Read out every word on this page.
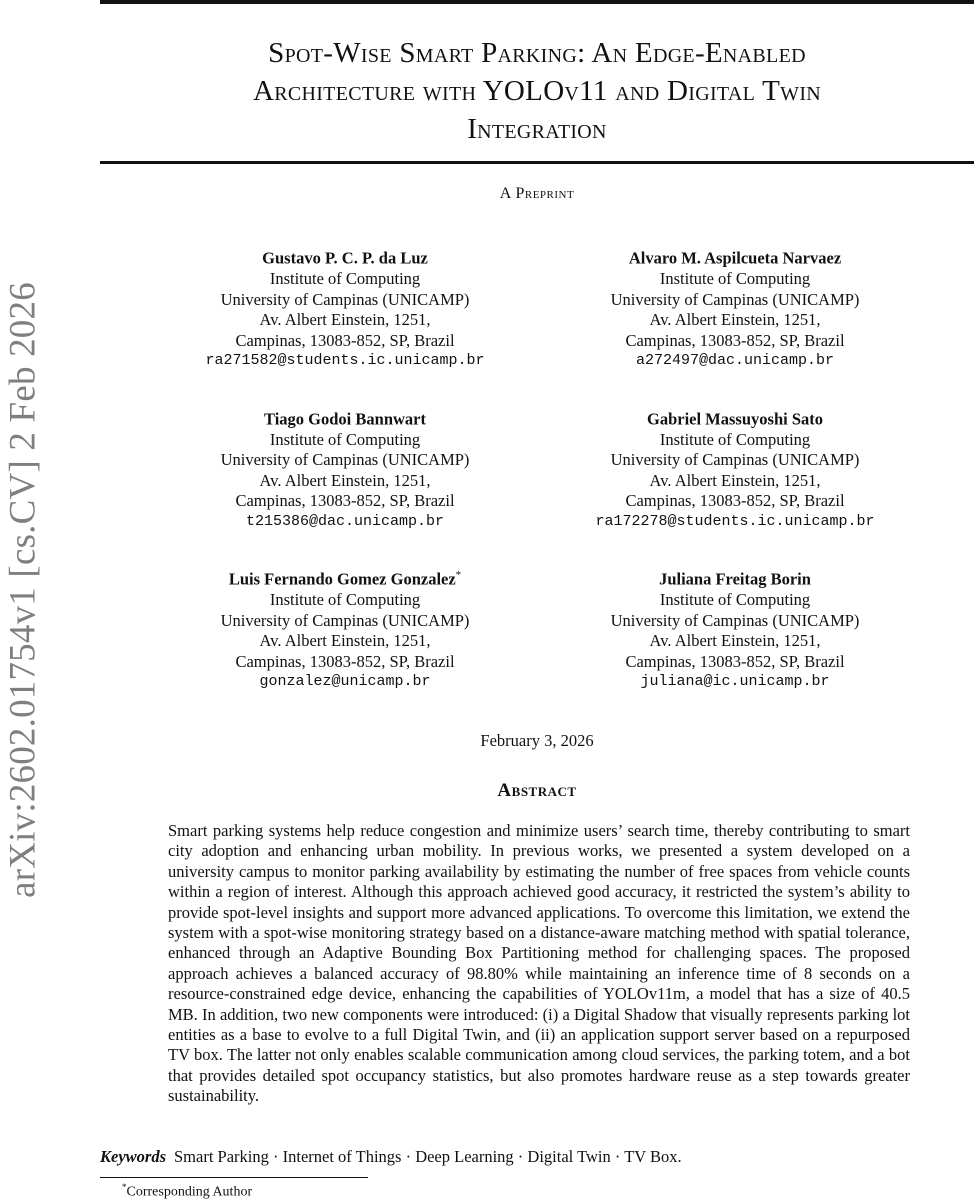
arXiv:2602.01754v1 [cs.CV] 2 Feb 2026
Spot-Wise Smart Parking: An Edge-Enabled
Architecture with YOLOv11 and Digital Twin
Integration
A Preprint
Gustavo P. C. P. da Luz
Institute of Computing
University of Campinas (UNICAMP)
Av. Albert Einstein, 1251,
Campinas, 13083-852, SP, Brazil
ra271582@students.ic.unicamp.br
Alvaro M. Aspilcueta Narvaez
Institute of Computing
University of Campinas (UNICAMP)
Av. Albert Einstein, 1251,
Campinas, 13083-852, SP, Brazil
a272497@dac.unicamp.br
Tiago Godoi Bannwart
Institute of Computing
University of Campinas (UNICAMP)
Av. Albert Einstein, 1251,
Campinas, 13083-852, SP, Brazil
t215386@dac.unicamp.br
Gabriel Massuyoshi Sato
Institute of Computing
University of Campinas (UNICAMP)
Av. Albert Einstein, 1251,
Campinas, 13083-852, SP, Brazil
ra172278@students.ic.unicamp.br
Luis Fernando Gomez Gonzalez*
Institute of Computing
University of Campinas (UNICAMP)
Av. Albert Einstein, 1251,
Campinas, 13083-852, SP, Brazil
gonzalez@unicamp.br
Juliana Freitag Borin
Institute of Computing
University of Campinas (UNICAMP)
Av. Albert Einstein, 1251,
Campinas, 13083-852, SP, Brazil
juliana@ic.unicamp.br
February 3, 2026
Abstract
Smart parking systems help reduce congestion and minimize users’ search time, thereby contributing to smart city adoption and enhancing urban mobility. In previous works, we presented a system developed on a university campus to monitor parking availability by estimating the number of free spaces from vehicle counts within a region of interest. Although this approach achieved good accuracy, it restricted the system’s ability to provide spot-level insights and support more advanced applications. To overcome this limitation, we extend the system with a spot-wise monitoring strategy based on a distance-aware matching method with spatial tolerance, enhanced through an Adaptive Bounding Box Partitioning method for challenging spaces. The proposed approach achieves a balanced accuracy of 98.80% while maintaining an inference time of 8 seconds on a resource-constrained edge device, enhancing the capabilities of YOLOv11m, a model that has a size of 40.5 MB. In addition, two new components were introduced: (i) a Digital Shadow that visually represents parking lot entities as a base to evolve to a full Digital Twin, and (ii) an application support server based on a repurposed TV box. The latter not only enables scalable communication among cloud services, the parking totem, and a bot that provides detailed spot occupancy statistics, but also promotes hardware reuse as a step towards greater sustainability.
Keywords Smart Parking · Internet of Things · Deep Learning · Digital Twin · TV Box.
*Corresponding Author
